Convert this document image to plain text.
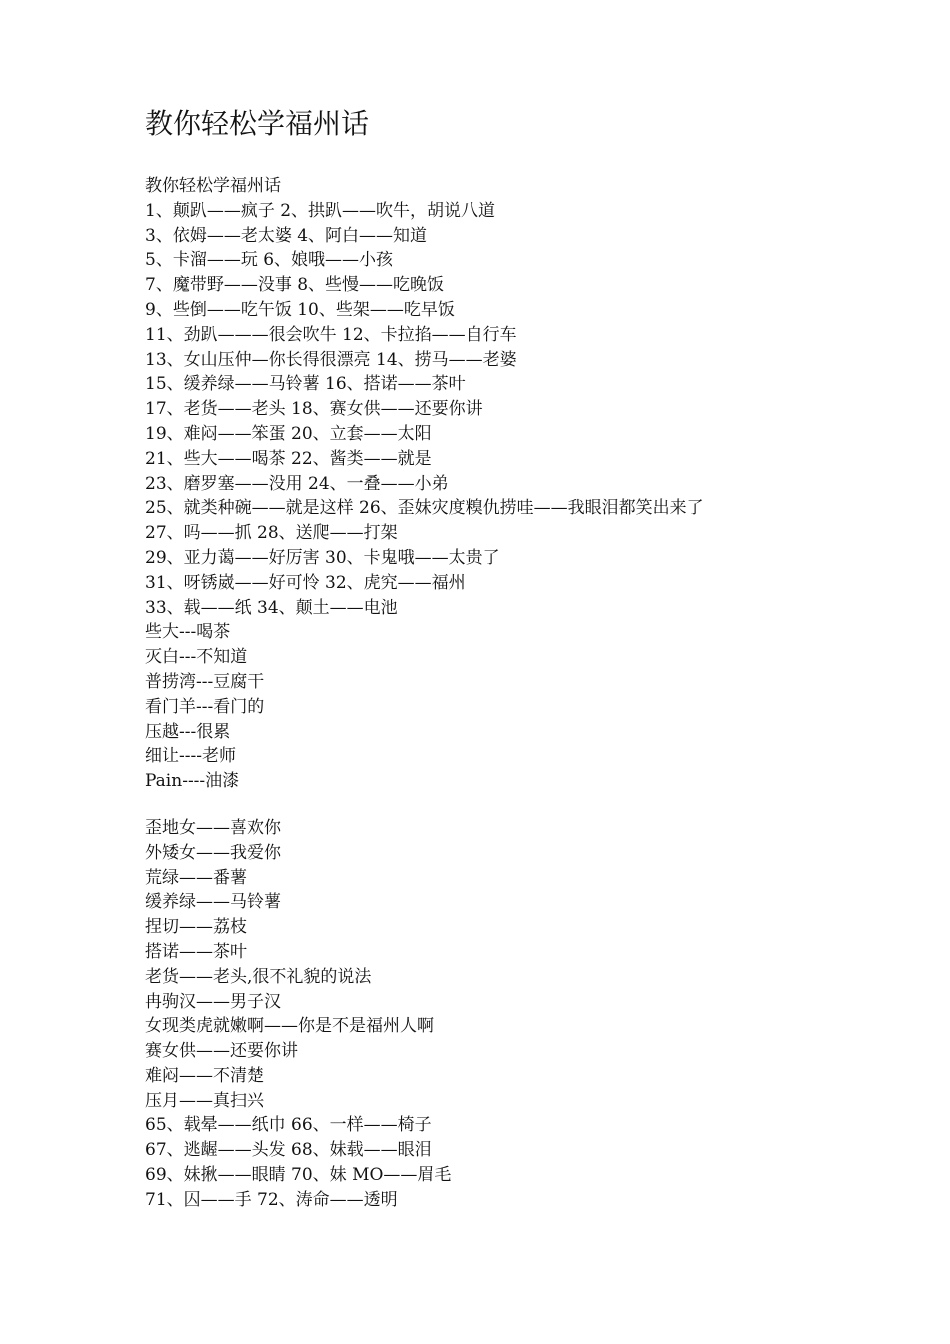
教你轻松学福州话
教你轻松学福州话
1、颠趴——疯子 2、拱趴——吹牛，胡说八道
3、依姆——老太婆 4、阿白——知道
5、卡溜——玩 6、娘哦——小孩
7、魔带野——没事 8、些慢——吃晚饭
9、些倒——吃午饭 10、些架——吃早饭
11、劲趴———很会吹牛 12、卡拉掐——自行车
13、女山压仲—你长得很漂亮 14、捞马——老婆
15、缓养绿——马铃薯 16、搭诺——茶叶
17、老货——老头 18、赛女供——还要你讲
19、难闷——笨蛋 20、立套——太阳
21、些大——喝茶 22、酱类——就是
23、磨罗塞——没用 24、一叠——小弟
25、就类种碗——就是这样 26、歪妹灾度糗仇捞哇——我眼泪都笑出来了
27、吗——抓 28、送爬——打架
29、亚力蔼——好厉害 30、卡鬼哦——太贵了
31、呀锈崴——好可怜 32、虎究——福州
33、载——纸 34、颠土——电池
些大---喝茶
灭白---不知道
普捞湾---豆腐干
看门羊---看门的
压越---很累
细让----老师
Pain----油漆
歪地女——喜欢你
外矮女——我爱你
荒绿——番薯
缓养绿——马铃薯
捏切——荔枝
搭诺——茶叶
老货——老头,很不礼貌的说法
冉驹汉——男子汉
女现类虎就嫩啊——你是不是福州人啊
赛女供——还要你讲
难闷——不清楚
压月——真扫兴
65、载晕——纸巾 66、一样——椅子
67、逃龌——头发 68、妹载——眼泪
69、妹揪——眼睛 70、妹 MO——眉毛
71、囚——手 72、涛命——透明
